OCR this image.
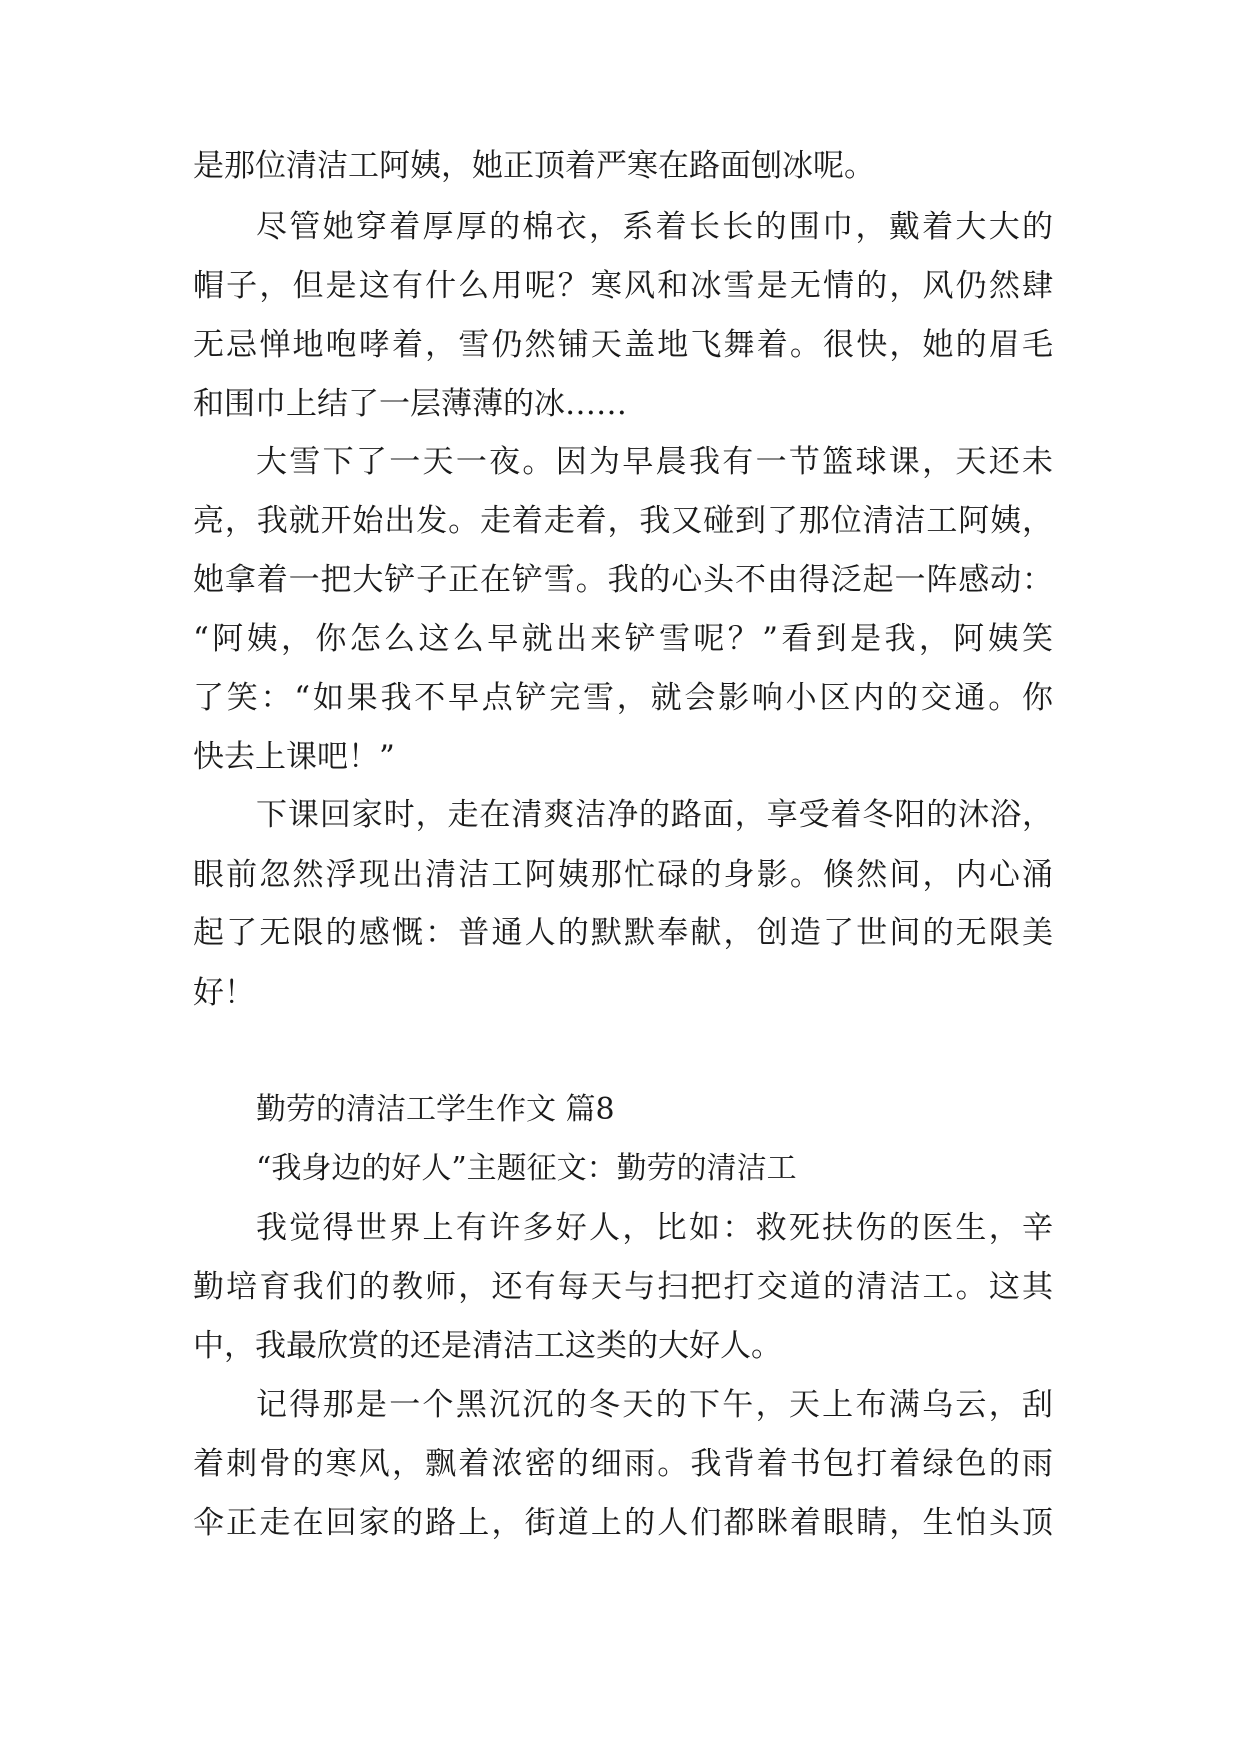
是那位清洁工阿姨，她正顶着严寒在路面刨冰呢。
尽管她穿着厚厚的棉衣，系着长长的围巾，戴着大大的
帽子，但是这有什么用呢？寒风和冰雪是无情的，风仍然肆
无忌惮地咆哮着，雪仍然铺天盖地飞舞着。很快，她的眉毛
和围巾上结了一层薄薄的冰……
大雪下了一天一夜。因为早晨我有一节篮球课，天还未
亮，我就开始出发。走着走着，我又碰到了那位清洁工阿姨，
她拿着一把大铲子正在铲雪。我的心头不由得泛起一阵感动：
“阿姨，你怎么这么早就出来铲雪呢？”看到是我，阿姨笑
了笑：“如果我不早点铲完雪，就会影响小区内的交通。你
快去上课吧！”
下课回家时，走在清爽洁净的路面，享受着冬阳的沐浴，
眼前忽然浮现出清洁工阿姨那忙碌的身影。倏然间，内心涌
起了无限的感慨：普通人的默默奉献，创造了世间的无限美
好！
勤劳的清洁工学生作文 篇8
“我身边的好人”主题征文：勤劳的清洁工
我觉得世界上有许多好人，比如：救死扶伤的医生，辛
勤培育我们的教师，还有每天与扫把打交道的清洁工。这其
中，我最欣赏的还是清洁工这类的大好人。
记得那是一个黑沉沉的冬天的下午，天上布满乌云，刮
着刺骨的寒风，飘着浓密的细雨。我背着书包打着绿色的雨
伞正走在回家的路上，街道上的人们都眯着眼睛，生怕头顶
